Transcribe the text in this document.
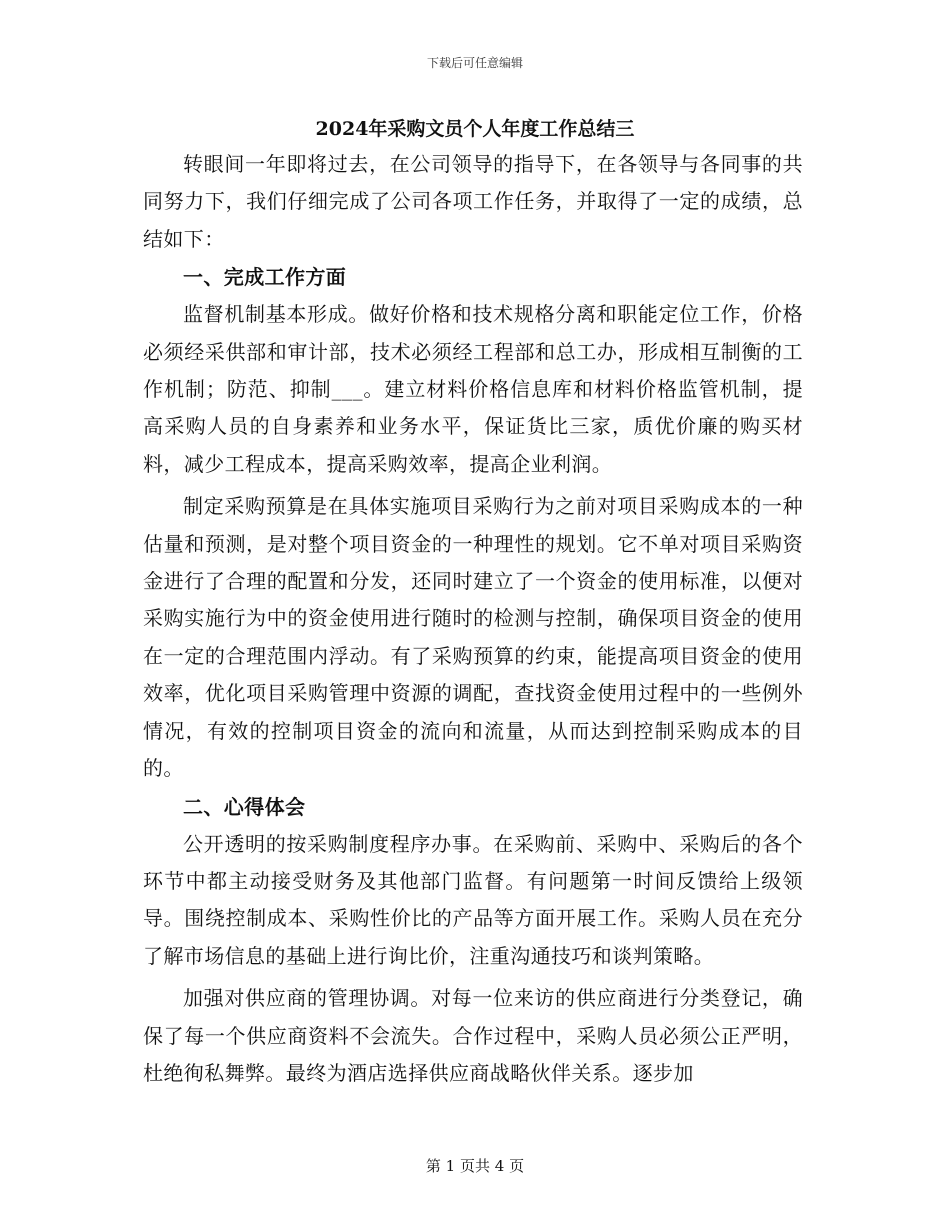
下载后可任意编辑
2024年采购文员个人年度工作总结三

转眼间一年即将过去，在公司领导的指导下，在各领导与各同事的共同努力下，我们仔细完成了公司各项工作任务，并取得了一定的成绩，总结如下：

一、完成工作方面

监督机制基本形成。做好价格和技术规格分离和职能定位工作，价格必须经采供部和审计部，技术必须经工程部和总工办，形成相互制衡的工作机制；防范、抑制___。建立材料价格信息库和材料价格监管机制，提高采购人员的自身素养和业务水平，保证货比三家，质优价廉的购买材料，减少工程成本，提高采购效率，提高企业利润。

制定采购预算是在具体实施项目采购行为之前对项目采购成本的一种估量和预测，是对整个项目资金的一种理性的规划。它不单对项目采购资金进行了合理的配置和分发，还同时建立了一个资金的使用标准，以便对采购实施行为中的资金使用进行随时的检测与控制，确保项目资金的使用在一定的合理范围内浮动。有了采购预算的约束，能提高项目资金的使用效率，优化项目采购管理中资源的调配，查找资金使用过程中的一些例外情况，有效的控制项目资金的流向和流量，从而达到控制采购成本的目的。

二、心得体会

公开透明的按采购制度程序办事。在采购前、采购中、采购后的各个环节中都主动接受财务及其他部门监督。有问题第一时间反馈给上级领导。围绕控制成本、采购性价比的产品等方面开展工作。采购人员在充分了解市场信息的基础上进行询比价，注重沟通技巧和谈判策略。

加强对供应商的管理协调。对每一位来访的供应商进行分类登记，确保了每一个供应商资料不会流失。合作过程中，采购人员必须公正严明，杜绝徇私舞弊。最终为酒店选择供应商战略伙伴关系。逐步加

第 1 页共 4 页
